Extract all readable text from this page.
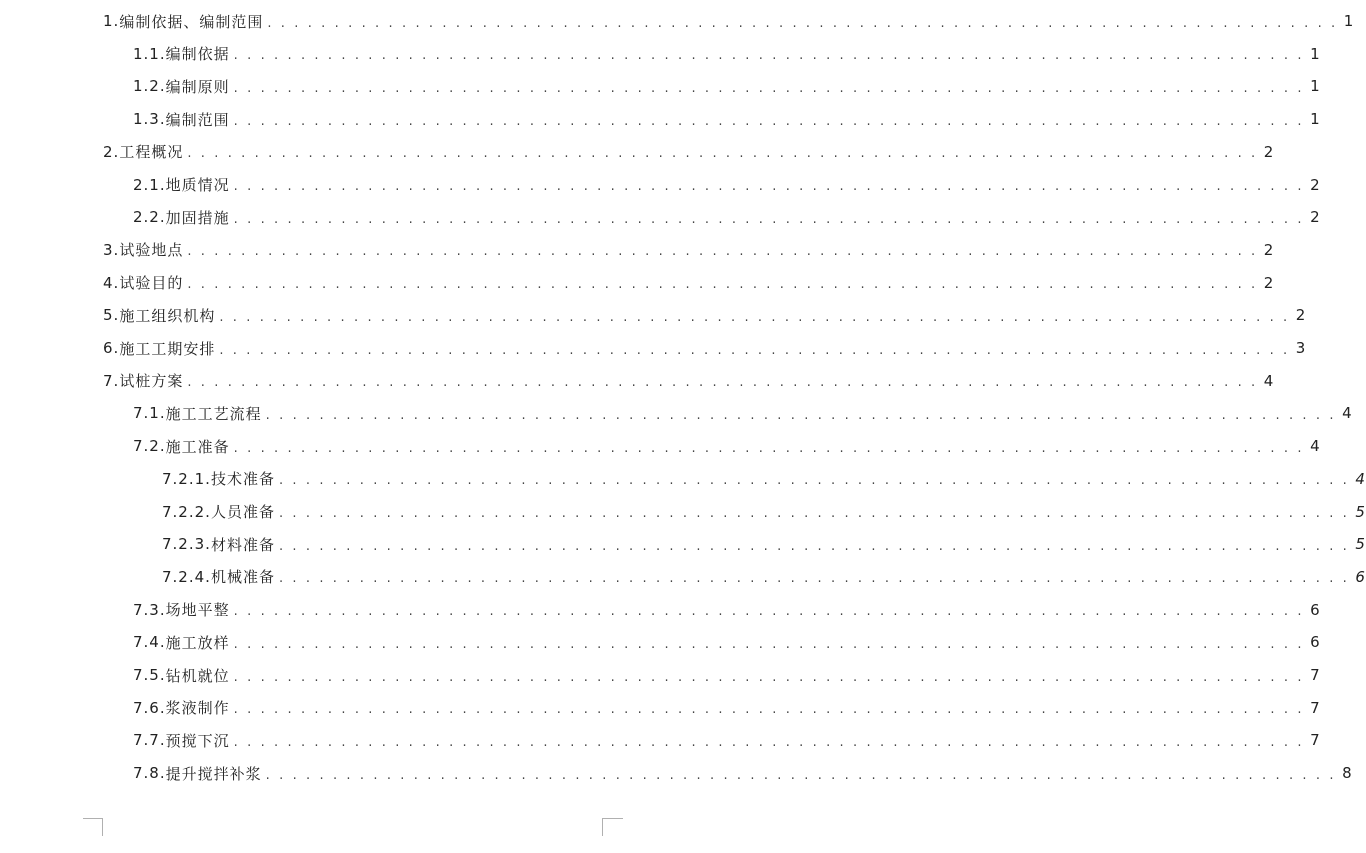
1. 编制依据、编制范围 . . . . . . . . . . . . . . . . . . . . . . . . . . . . . . . . . . . . . . . . . . . . . . . . . . . . . . . . . . . . . . . . . . . . . . . . . . . . . . . . 1
1.1. 编制依据 . . . . . . . . . . . . . . . . . . . . . . . . . . . . . . . . . . . . . . . . . . . . . . . . . . . . . . . . . . . . . . . . . . . . . . . . . . . . . . . . 1
1.2. 编制原则 . . . . . . . . . . . . . . . . . . . . . . . . . . . . . . . . . . . . . . . . . . . . . . . . . . . . . . . . . . . . . . . . . . . . . . . . . . . . . . . . 1
1.3. 编制范围 . . . . . . . . . . . . . . . . . . . . . . . . . . . . . . . . . . . . . . . . . . . . . . . . . . . . . . . . . . . . . . . . . . . . . . . . . . . . . . . . 1
2. 工程概况 . . . . . . . . . . . . . . . . . . . . . . . . . . . . . . . . . . . . . . . . . . . . . . . . . . . . . . . . . . . . . . . . . . . . . . . . . . . . . . . . 2
2.1. 地质情况 . . . . . . . . . . . . . . . . . . . . . . . . . . . . . . . . . . . . . . . . . . . . . . . . . . . . . . . . . . . . . . . . . . . . . . . . . . . . . . . . 2
2.2. 加固措施 . . . . . . . . . . . . . . . . . . . . . . . . . . . . . . . . . . . . . . . . . . . . . . . . . . . . . . . . . . . . . . . . . . . . . . . . . . . . . . . . 2
3. 试验地点 . . . . . . . . . . . . . . . . . . . . . . . . . . . . . . . . . . . . . . . . . . . . . . . . . . . . . . . . . . . . . . . . . . . . . . . . . . . . . . . . 2
4. 试验目的 . . . . . . . . . . . . . . . . . . . . . . . . . . . . . . . . . . . . . . . . . . . . . . . . . . . . . . . . . . . . . . . . . . . . . . . . . . . . . . . . 2
5. 施工组织机构 . . . . . . . . . . . . . . . . . . . . . . . . . . . . . . . . . . . . . . . . . . . . . . . . . . . . . . . . . . . . . . . . . . . . . . . . . . . . . . . . 2
6. 施工工期安排 . . . . . . . . . . . . . . . . . . . . . . . . . . . . . . . . . . . . . . . . . . . . . . . . . . . . . . . . . . . . . . . . . . . . . . . . . . . . . . . . 3
7. 试桩方案 . . . . . . . . . . . . . . . . . . . . . . . . . . . . . . . . . . . . . . . . . . . . . . . . . . . . . . . . . . . . . . . . . . . . . . . . . . . . . . . . 4
7.1. 施工工艺流程 . . . . . . . . . . . . . . . . . . . . . . . . . . . . . . . . . . . . . . . . . . . . . . . . . . . . . . . . . . . . . . . . . . . . . . . . . . . . . . . . 4
7.2. 施工准备 . . . . . . . . . . . . . . . . . . . . . . . . . . . . . . . . . . . . . . . . . . . . . . . . . . . . . . . . . . . . . . . . . . . . . . . . . . . . . . . . 4
7.2.1. 技术准备 . . . . . . . . . . . . . . . . . . . . . . . . . . . . . . . . . . . . . . . . . . . . . . . . . . . . . . . . . . . . . . . . . . . . . . . . . . . . . . . . 4
7.2.2. 人员准备 . . . . . . . . . . . . . . . . . . . . . . . . . . . . . . . . . . . . . . . . . . . . . . . . . . . . . . . . . . . . . . . . . . . . . . . . . . . . . . . . 5
7.2.3. 材料准备 . . . . . . . . . . . . . . . . . . . . . . . . . . . . . . . . . . . . . . . . . . . . . . . . . . . . . . . . . . . . . . . . . . . . . . . . . . . . . . . . 5
7.2.4. 机械准备 . . . . . . . . . . . . . . . . . . . . . . . . . . . . . . . . . . . . . . . . . . . . . . . . . . . . . . . . . . . . . . . . . . . . . . . . . . . . . . . . 6
7.3. 场地平整 . . . . . . . . . . . . . . . . . . . . . . . . . . . . . . . . . . . . . . . . . . . . . . . . . . . . . . . . . . . . . . . . . . . . . . . . . . . . . . . . 6
7.4. 施工放样 . . . . . . . . . . . . . . . . . . . . . . . . . . . . . . . . . . . . . . . . . . . . . . . . . . . . . . . . . . . . . . . . . . . . . . . . . . . . . . . . 6
7.5. 钻机就位 . . . . . . . . . . . . . . . . . . . . . . . . . . . . . . . . . . . . . . . . . . . . . . . . . . . . . . . . . . . . . . . . . . . . . . . . . . . . . . . . 7
7.6. 浆液制作 . . . . . . . . . . . . . . . . . . . . . . . . . . . . . . . . . . . . . . . . . . . . . . . . . . . . . . . . . . . . . . . . . . . . . . . . . . . . . . . . 7
7.7. 预搅下沉 . . . . . . . . . . . . . . . . . . . . . . . . . . . . . . . . . . . . . . . . . . . . . . . . . . . . . . . . . . . . . . . . . . . . . . . . . . . . . . . . 7
7.8. 提升搅拌补浆 . . . . . . . . . . . . . . . . . . . . . . . . . . . . . . . . . . . . . . . . . . . . . . . . . . . . . . . . . . . . . . . . . . . . . . . . . . . . . . . . 8
